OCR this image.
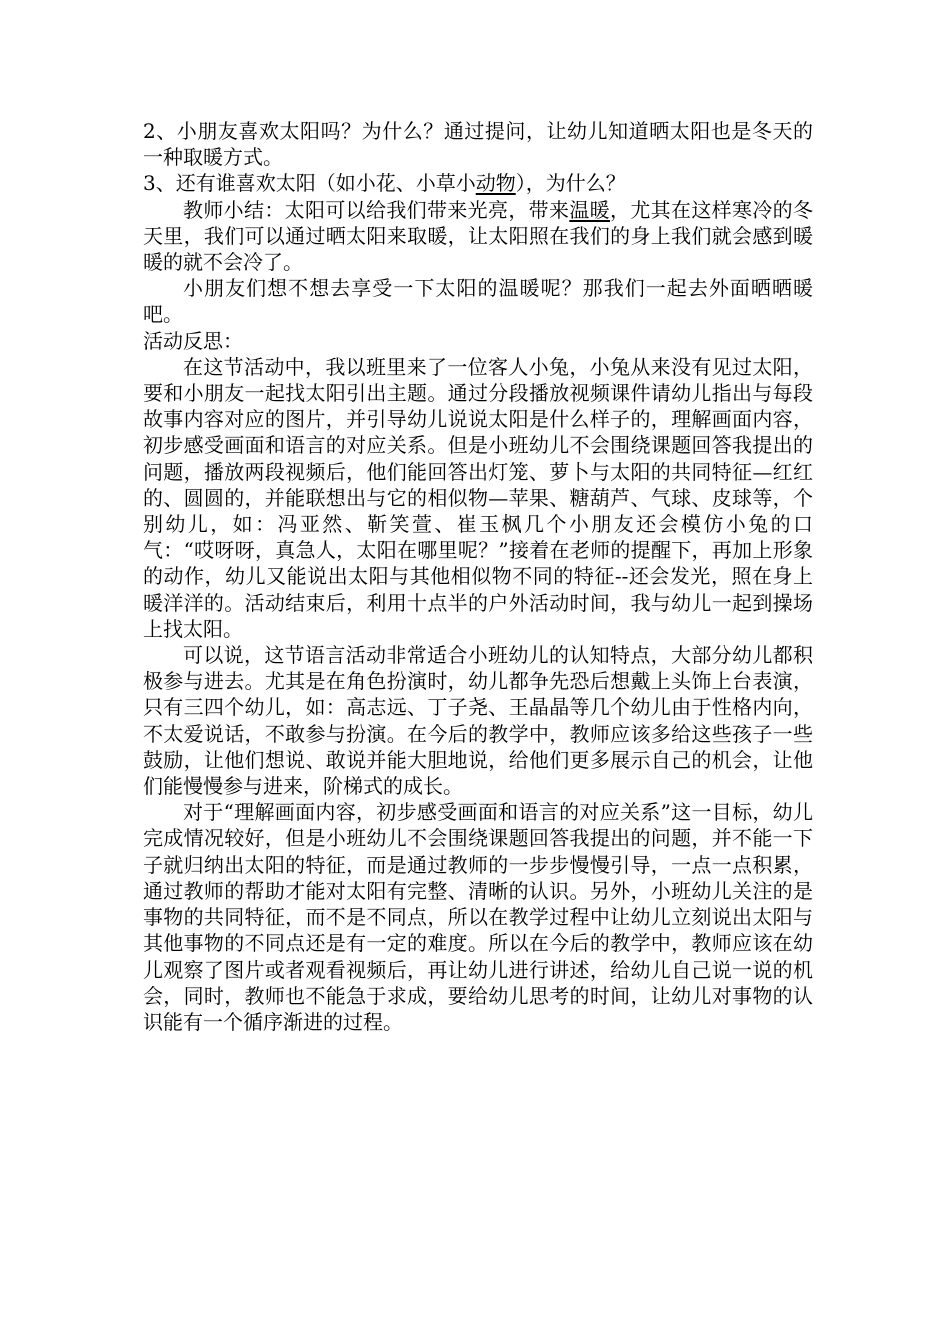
2、小朋友喜欢太阳吗？为什么？通过提问，让幼儿知道晒太阳也是冬天的一种取暖方式。

3、还有谁喜欢太阳（如小花、小草小动物），为什么？

教师小结：太阳可以给我们带来光亮，带来温暖，尤其在这样寒冷的冬天里，我们可以通过晒太阳来取暖，让太阳照在我们的身上我们就会感到暖暖的就不会冷了。

小朋友们想不想去享受一下太阳的温暖呢？那我们一起去外面晒晒暖吧。

活动反思：

在这节活动中，我以班里来了一位客人小兔，小兔从来没有见过太阳，要和小朋友一起找太阳引出主题。通过分段播放视频课件请幼儿指出与每段故事内容对应的图片，并引导幼儿说说太阳是什么样子的，理解画面内容，初步感受画面和语言的对应关系。但是小班幼儿不会围绕课题回答我提出的问题，播放两段视频后，他们能回答出灯笼、萝卜与太阳的共同特征—红红的、圆圆的，并能联想出与它的相似物—苹果、糖葫芦、气球、皮球等，个别幼儿，如：冯亚然、靳笑萱、崔玉枫几个小朋友还会模仿小兔的口气：“哎呀呀，真急人，太阳在哪里呢？”接着在老师的提醒下，再加上形象的动作，幼儿又能说出太阳与其他相似物不同的特征--还会发光，照在身上暖洋洋的。活动结束后，利用十点半的户外活动时间，我与幼儿一起到操场上找太阳。

可以说，这节语言活动非常适合小班幼儿的认知特点，大部分幼儿都积极参与进去。尤其是在角色扮演时，幼儿都争先恐后想戴上头饰上台表演，只有三四个幼儿，如：高志远、丁子尧、王晶晶等几个幼儿由于性格内向，不太爱说话，不敢参与扮演。在今后的教学中，教师应该多给这些孩子一些鼓励，让他们想说、敢说并能大胆地说，给他们更多展示自己的机会，让他们能慢慢参与进来，阶梯式的成长。

对于“理解画面内容，初步感受画面和语言的对应关系”这一目标，幼儿完成情况较好，但是小班幼儿不会围绕课题回答我提出的问题，并不能一下子就归纳出太阳的特征，而是通过教师的一步步慢慢引导，一点一点积累，通过教师的帮助才能对太阳有完整、清晰的认识。另外，小班幼儿关注的是事物的共同特征，而不是不同点，所以在教学过程中让幼儿立刻说出太阳与其他事物的不同点还是有一定的难度。所以在今后的教学中，教师应该在幼儿观察了图片或者观看视频后，再让幼儿进行讲述，给幼儿自己说一说的机会，同时，教师也不能急于求成，要给幼儿思考的时间，让幼儿对事物的认识能有一个循序渐进的过程。
